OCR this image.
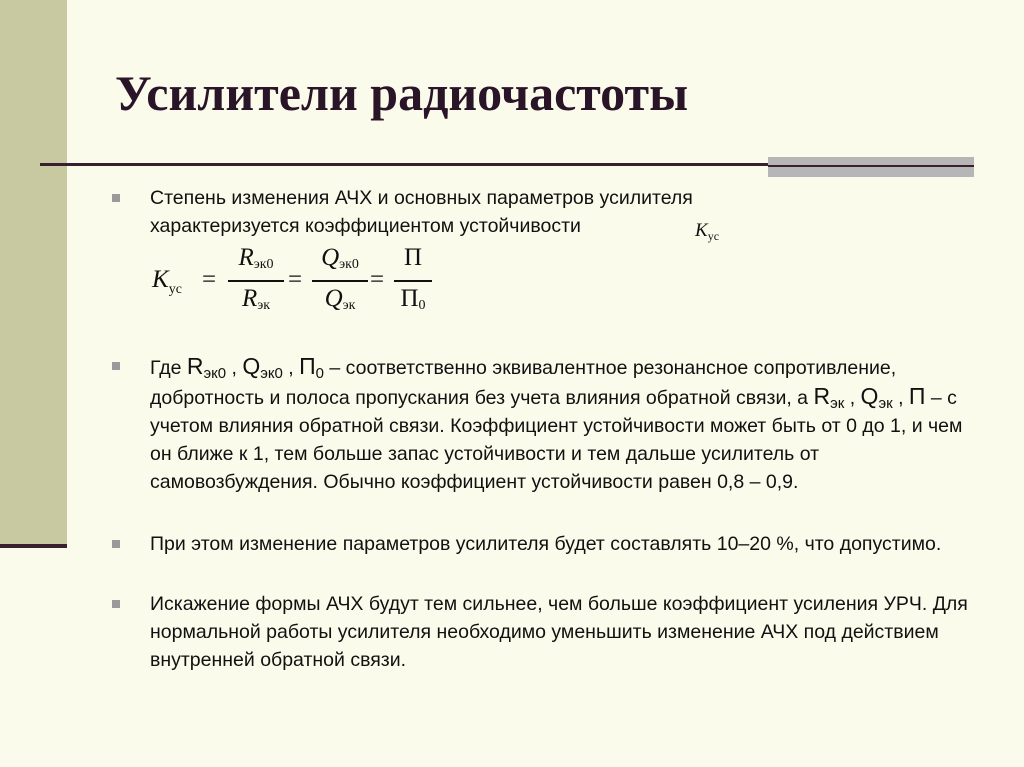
Усилители радиочастоты
Степень изменения АЧХ и основных параметров усилителя
характеризуется коэффициентом устойчивости	$K_{ус}$
$K_{ус}$ =
Rэк0
Rэк
=
Qэк0
Qэк
=
П
П0
Где $R_{эк0}$ , $Q_{эк0}$ , $П_0$ – соответственно эквивалентное резонансное сопротивление, добротность и полоса пропускания без учета влияния обратной связи, а $R_{эк}$ , $Q_{эк}$ , П – с учетом влияния обратной связи. Коэффициент устойчивости может быть от 0 до 1, и чем он ближе к 1, тем больше запас устойчивости и тем дальше усилитель от самовозбуждения. Обычно коэффициент устойчивости равен 0,8 – 0,9.
При этом изменение параметров усилителя будет составлять 10–20 %, что допустимо.
Искажение формы АЧХ будут тем сильнее, чем больше коэффициент усиления УРЧ. Для нормальной работы усилителя необходимо уменьшить изменение АЧХ под действием внутренней обратной связи.
